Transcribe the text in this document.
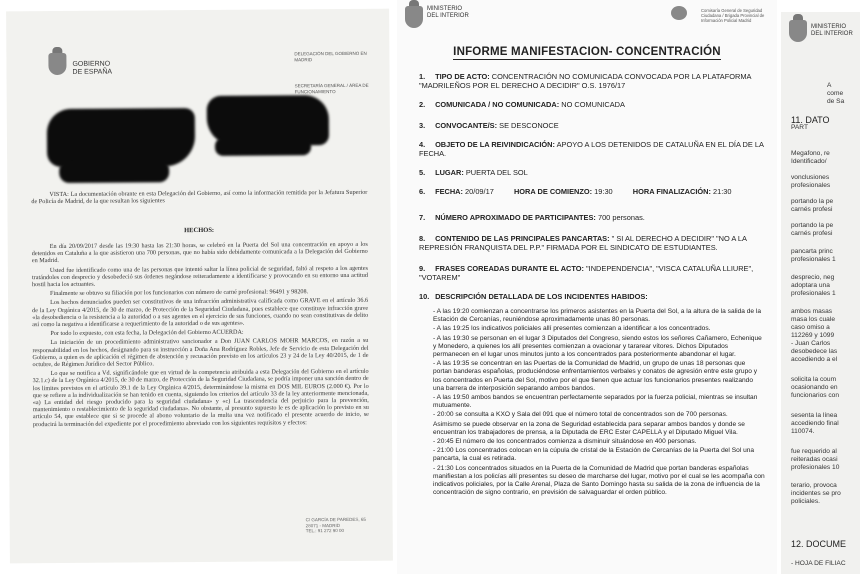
GOBIERNO
DE ESPAÑA
DELEGACIÓN DEL GOBIERNO EN MADRID
SECRETARÍA GENERAL / ÁREA DE FUNCIONAMIENTO
VISTA: La documentación obrante en esta Delegación del Gobierno, así como la información remitida por la Jefatura Superior de Policía de Madrid, de la que resultan los siguientes
HECHOS:

En día 20/09/2017 desde las 19:30 hasta las 21:30 horas, se celebró en la Puerta del Sol una concentración en apoyo a los detenidos en Cataluña a la que asistieron una 700 personas, que no había sido debidamente comunicada a la Delegación del Gobierno en Madrid.

Usted fue identificado como una de las personas que intentó saltar la línea policial de seguridad, faltó al respeto a los agentes tratándoles con desprecio y desobedeció sus órdenes negándose reiteradamente a identificarse y provocando en su entorno una actitud hostil hacia los actuantes.

Finalmente se obtuvo su filiación por los funcionarios con número de carné profesional: 96491 y 98208.

Los hechos denunciados pueden ser constitutivos de una infracción administrativa calificada como GRAVE en el artículo 36.6 de la Ley Orgánica 4/2015, de 30 de marzo, de Protección de la Seguridad Ciudadana, pues establece que constituye infracción grave «la desobediencia o la resistencia a la autoridad o a sus agentes en el ejercicio de sus funciones, cuando no sean constitutivas de delito así como la negativa a identificarse a requerimiento de la autoridad o de sus agentes».

Por todo lo expuesto, con esta fecha, la Delegación del Gobierno ACUERDA:

La iniciación de un procedimiento administrativo sancionador a Don JUAN CARLOS MOHR MARCOS, en razón a su responsabilidad en los hechos, designando para su instrucción a Doña Ana Rodríguez Robles, Jefe de Servicio de esta Delegación del Gobierno, a quien es de aplicación el régimen de abstención y recusación previsto en los artículos 23 y 24 de la Ley 40/2015, de 1 de octubre, de Régimen Jurídico del Sector Público.

Lo que se notifica a Vd. significándole que en virtud de la competencia atribuida a esta Delegación del Gobierno en el artículo 32.1.c) de la Ley Orgánica 4/2015, de 30 de marzo, de Protección de la Seguridad Ciudadana, se podría imponer una sanción dentro de los límites previstos en el artículo 39.1 de la Ley Orgánica 4/2015, determinándose la misma en DOS MIL EUROS (2.000 €). Por lo que se refiere a la individualización se han tenido en cuenta, siguiendo los criterios del artículo 33 de la ley anteriormente mencionada, «a) La entidad del riesgo producido para la seguridad ciudadana» y «c) La trascendencia del perjuicio para la prevención, mantenimiento o restablecimiento de la seguridad ciudadana». No obstante, al presunto supuesto le es de aplicación lo previsto en su artículo 54, que establece que si se procede al abono voluntario de la multa una vez notificado el presente acuerdo de inicio, se producirá la terminación del expediente por el procedimiento abreviado con los siguientes requisitos y efectos:

C/ GARCÍA DE PAREDES, 65
28071 - MADRID
TEL.: 91 272 90 00
MINISTERIO
DEL INTERIOR
Comisaría General de Seguridad Ciudadana / Brigada Provincial de Información Policial Madrid
INFORME MANIFESTACION- CONCENTRACIÓN
1. TIPO DE ACTO: CONCENTRACIÓN NO COMUNICADA CONVOCADA POR LA PLATAFORMA "MADRILEÑOS POR EL DERECHO A DECIDIR" O.S. 1976/17
2. COMUNICADA / NO COMUNICADA: NO COMUNICADA
3. CONVOCANTE/S: SE DESCONOCE
4. OBJETO DE LA REIVINDICACIÓN: APOYO A LOS DETENIDOS DE CATALUÑA EN EL DÍA DE LA FECHA.
5. LUGAR: PUERTA DEL SOL
6. FECHA: 20/09/17	HORA DE COMIENZO: 19:30	HORA FINALIZACIÓN: 21:30
7. NÚMERO APROXIMADO DE PARTICIPANTES: 700 personas.
8. CONTENIDO DE LAS PRINCIPALES PANCARTAS: " SI AL DERECHO A DECIDIR" "NO A LA REPRESIÓN FRANQUISTA DEL P.P." FIRMADA POR EL SINDICATO DE ESTUDIANTES.
9. FRASES COREADAS DURANTE EL ACTO: "INDEPENDENCIA", "VISCA CATALUÑA LLIURE", "VOTAREM"
10. DESCRIPCIÓN DETALLADA DE LOS INCIDENTES HABIDOS:

- A las 19:20 comienzan a concentrarse los primeros asistentes en la Puerta del Sol, a la altura de la salida de la Estación de Cercanías, reuniéndose aproximadamente unas 80 personas.

- A las 19:25 los indicativos policiales allí presentes comienzan a identificar a los concentrados.

- A las 19:30 se personan en el lugar 3 Diputados del Congreso, siendo estos los señores Cañamero, Echenique y Monedero, a quienes los allí presentes comienzan a ovacionar y tararear vítores. Dichos Diputados permanecen en el lugar unos minutos junto a los concentrados para posteriormente abandonar el lugar.

- A las 19:35 se concentran en las Puertas de la Comunidad de Madrid, un grupo de unas 18 personas que portan banderas españolas, produciéndose enfrentamientos verbales y conatos de agresión entre este grupo y los concentrados en Puerta del Sol, motivo por el que tienen que actuar los funcionarios presentes realizando una barrera de interposición separando ambos bandos.

- A las 19:50 ambos bandos se encuentran perfectamente separados por la fuerza policial, mientras se insultan mutuamente.

- 20:00 se consulta a KXO y Sala del 091 que el número total de concentrados son de 700 personas.

Asimismo se puede observar en la zona de Seguridad establecida para separar ambos bandos y donde se encuentran los trabajadores de prensa, a la Diputada de ERC Ester CAPELLA y el Diputado Miguel Vila.

- 20:45 El número de los concentrados comienza a disminuir situándose en 400 personas.

- 21:00 Los concentrados colocan en la cúpula de cristal de la Estación de Cercanías de la Puerta del Sol una pancarta, la cual es retirada.

- 21:30 Los concentrados situados en la Puerta de la Comunidad de Madrid que portan banderas españolas manifiestan a los policías allí presentes su deseo de marcharse del lugar, motivo por el cual se les acompaña con indicativos policiales, por la Calle Arenal, Plaza de Santo Domingo hasta su salida de la zona de influencia de la concentración de signo contrario, en previsión de salvaguardar el orden público.

MINISTERIO
DEL INTERIOR
A
come
de Sa
11. DATO
PART
Megafono, re
Identificado/
vonclusiones
profesionales
portando la pe
carnés profesi
portando la pe
carnés profesi
pancarta princ
profesionales 1
desprecio, neg
adoptara una
profesionales 1
ambos masas
masa los cuale
caso omiso a
112269 y 1099
- Juan Carlos
desobedece las
accediendo a el
solicita la coum
ocasionando en
funcionarios con
sesenta la línea
accediendo final
110074.
fue requerido al
reiteradas ocasi
profesionales 10
terario, provoca
incidentes se pro
policiales.
12. DOCUME
- HOJA DE FILIAC
